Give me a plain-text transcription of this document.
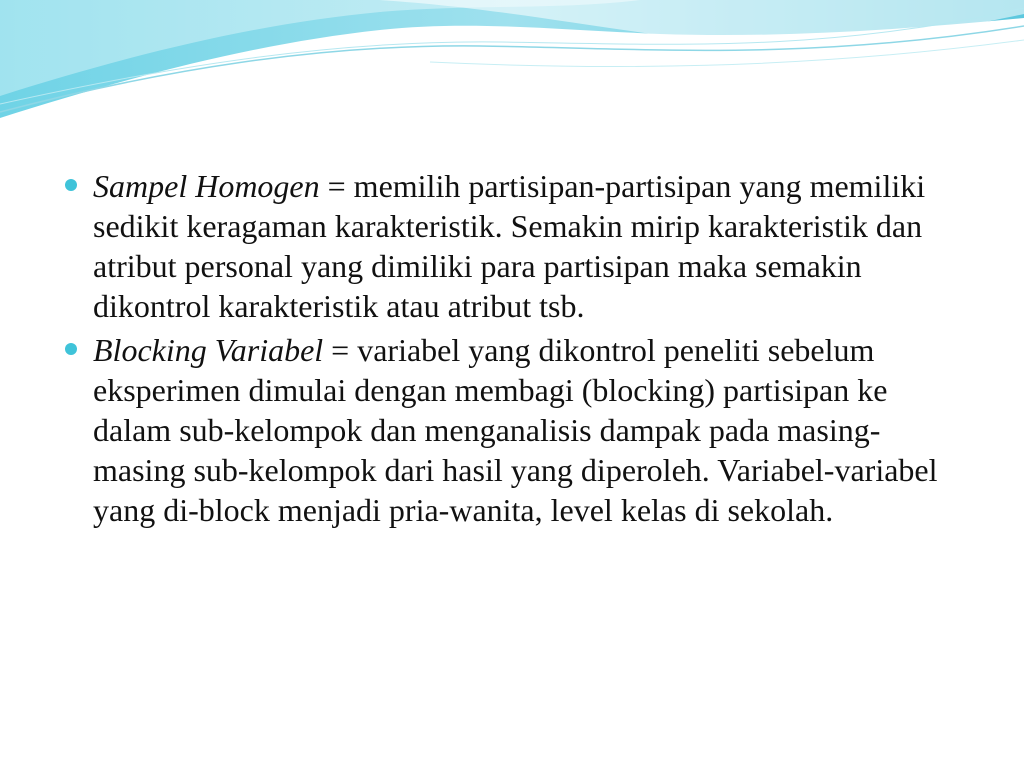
Sampel Homogen = memilih partisipan-partisipan yang memiliki sedikit keragaman karakteristik. Semakin mirip karakteristik dan atribut personal yang dimiliki para partisipan maka semakin dikontrol karakteristik atau atribut tsb.
Blocking Variabel = variabel yang dikontrol peneliti sebelum eksperimen dimulai dengan membagi (blocking) partisipan ke dalam sub-kelompok dan menganalisis dampak pada masing-masing sub-kelompok dari hasil yang diperoleh. Variabel-variabel yang di-block menjadi pria-wanita, level kelas di sekolah.
